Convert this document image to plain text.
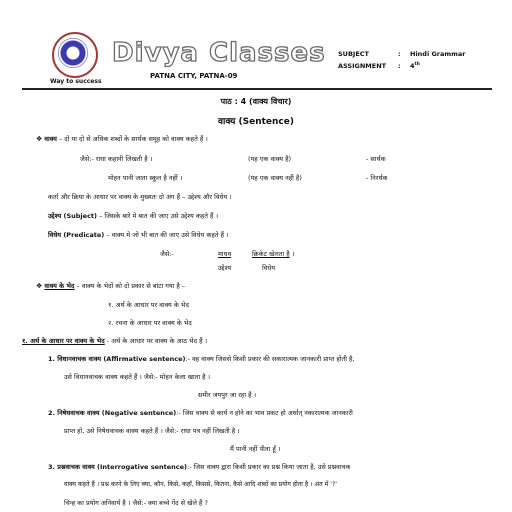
Way to success
Divya Classes
PATNA CITY, PATNA-09
SUBJECT	: Hindi Grammar
ASSIGNMENT : 4th
पाठ : 4 (वाक्य विचार)
वाक्य (Sentence)
❖ वाक्य – दो या दो से अधिक शब्दों के सार्थक समूह को वाक्य कहते हैं ।
जैसे:- राधा कहानी लिखती है ।	(यह एक वाक्य है)	- सार्थक
मोहन पानी जाता स्कूल है नहीं ।	(यह एक वाक्य नहीं है)	- निरर्थक
कर्ता और क्रिया के आधार पर वाक्य के मुख्यतः दो अंग हैं – उद्देश्य और विधेय ।
उद्देश्य (Subject) – जिसके बारे मे बात की जाए उसे उद्देश्य कहते हैं ।
विधेय (Predicate) – वाक्य मे जो भी बात की जाए उसे विधेय कहते हैं ।
जैसे:-	माधव	क्रिकेट खेलता है ।
उद्देश्य	विधेय
❖ वाक्य के भेद – वाक्य के भेदों को दो प्रकार से बांटा गया है –
१. अर्थ के आधार पर वाक्य के भेद
२. रचना के आधार पर वाक्य के भेद
१. अर्थ के आधार पर वाक्य के भेद - अर्थ के आधार पर वाक्य के आठ भेद हैं ।
1. विधानवाचक वाक्य (Affirmative sentence):- वह वाक्य जिससे किसी प्रकार की सकारात्मक जानकारी प्राप्त होती है,
उसे विधानवाचक वाक्य कहते हैं । जैसे:- मोहन केला खाता है ।
समीर जयपुर जा रहा है ।
2. निषेधवाचक वाक्य (Negative sentence):- जिस वाक्य से कार्य न होने का भाव प्रकट हो अर्थात् नकारात्मक जानकारी
प्राप्त हो, उसे निषेधवाचक वाक्य कहते हैं । जैसे:- राधा पत्र नहीं लिखती है ।
मैं पानी नहीं पीता हूँ ।
3. प्रश्नवाचक वाक्य (Interrogative sentence):- जिस वाक्य द्वारा किसी प्रकार का प्रश्न किया जाता है, उसे प्रश्नवाचक
वाक्य कहते हैं । प्रश्न करने के लिए क्या, कौन, किसे, कहाँ, किससे, कितना, कैसे आदि शब्दों का प्रयोग होता है । अंत में '?'
चिन्ह का प्रयोग अनिवार्य है । जैसे:- क्या बच्चे गेंद से खेले हैं ?
